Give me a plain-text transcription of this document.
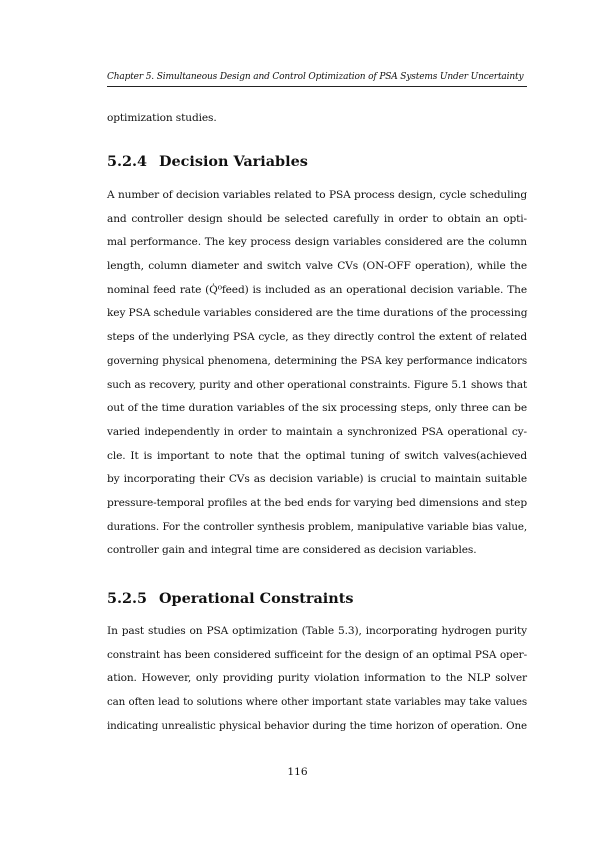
Chapter 5. Simultaneous Design and Control Optimization of PSA Systems Under Uncertainty
optimization studies.
5.2.4 Decision Variables
A number of decision variables related to PSA process design, cycle scheduling
and controller design should be selected carefully in order to obtain an opti-
mal performance. The key process design variables considered are the column
length, column diameter and switch valve CVs (ON-OFF operation), while the
nominal feed rate (Q̇⁰feed) is included as an operational decision variable. The
key PSA schedule variables considered are the time durations of the processing
steps of the underlying PSA cycle, as they directly control the extent of related
governing physical phenomena, determining the PSA key performance indicators
such as recovery, purity and other operational constraints. Figure 5.1 shows that
out of the time duration variables of the six processing steps, only three can be
varied independently in order to maintain a synchronized PSA operational cy-
cle. It is important to note that the optimal tuning of switch valves(achieved
by incorporating their CVs as decision variable) is crucial to maintain suitable
pressure-temporal profiles at the bed ends for varying bed dimensions and step
durations. For the controller synthesis problem, manipulative variable bias value,
controller gain and integral time are considered as decision variables.
5.2.5 Operational Constraints
In past studies on PSA optimization (Table 5.3), incorporating hydrogen purity
constraint has been considered sufficeint for the design of an optimal PSA oper-
ation. However, only providing purity violation information to the NLP solver
can often lead to solutions where other important state variables may take values
indicating unrealistic physical behavior during the time horizon of operation. One
116
